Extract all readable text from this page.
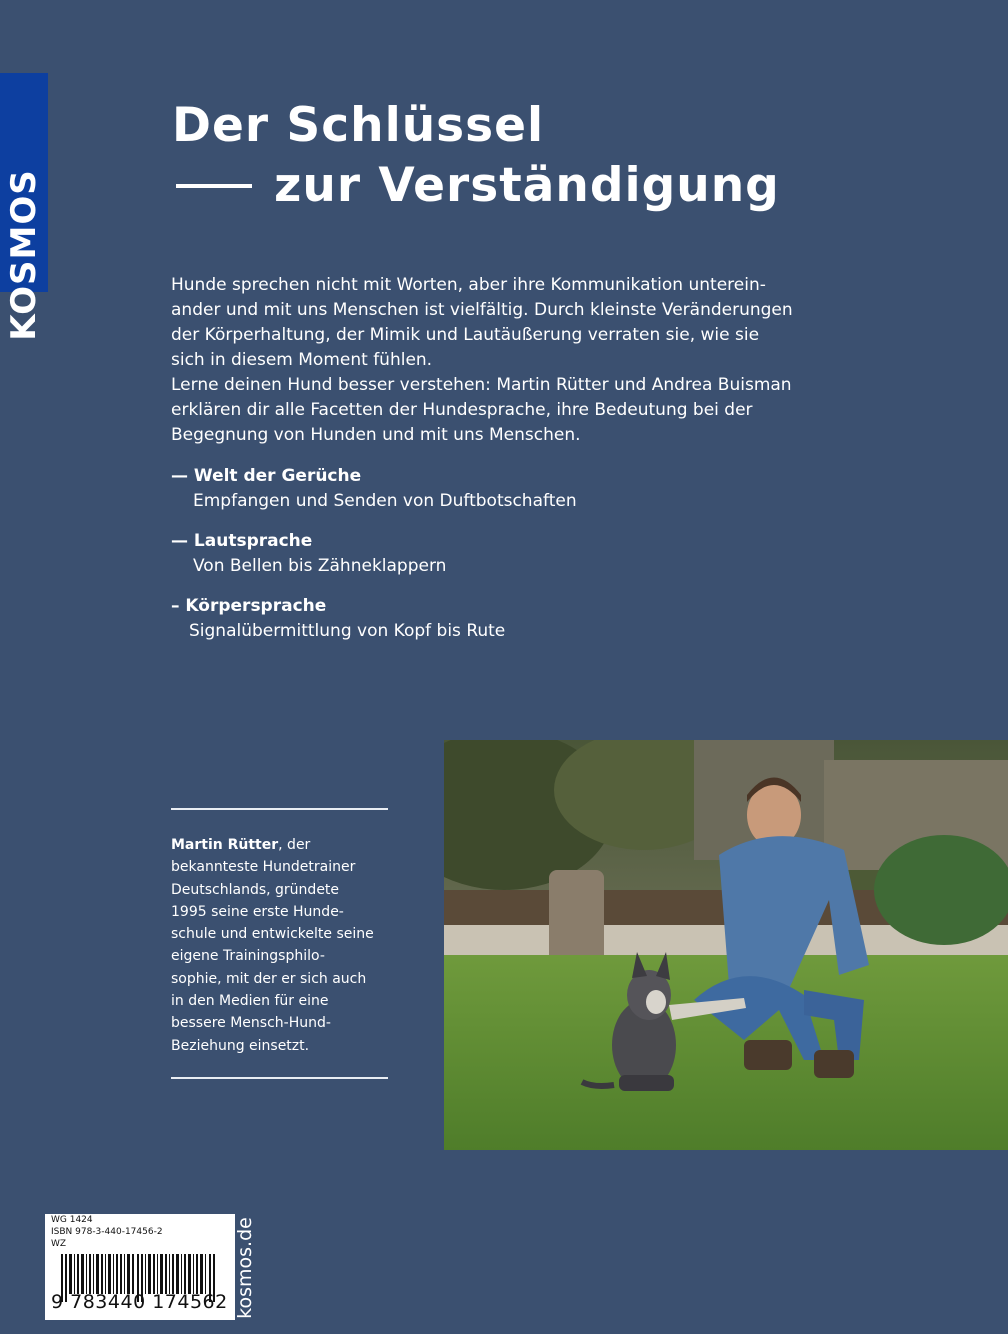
KOSMOS
Der Schlüssel
zur Verständigung

Hunde sprechen nicht mit Worten, aber ihre Kommunikation unterein-

ander und mit uns Menschen ist vielfältig. Durch kleinste Veränderungen

der Körperhaltung, der Mimik und Lautäußerung verraten sie, wie sie

sich in diesem Moment fühlen.

Lerne deinen Hund besser verstehen: Martin Rütter und Andrea Buisman

erklären dir alle Facetten der Hundesprache, ihre Bedeutung bei der

Begegnung von Hunden und mit uns Menschen.

— Welt der Gerüche
Empfangen und Senden von Duftbotschaften
— Lautsprache
Von Bellen bis Zähneklappern
– Körpersprache
Signalübermittlung von Kopf bis Rute
Martin Rütter, der
bekannteste Hundetrainer
Deutschlands, gründete
1995 seine erste Hunde-
schule und entwickelte seine
eigene Trainingsphilo-
sophie, mit der er sich auch
in den Medien für eine
bessere Mensch-Hund-
Beziehung einsetzt.
WG 1424
ISBN 978-3-440-17456-2
WZ
9 783440 174562 kosmos.de
